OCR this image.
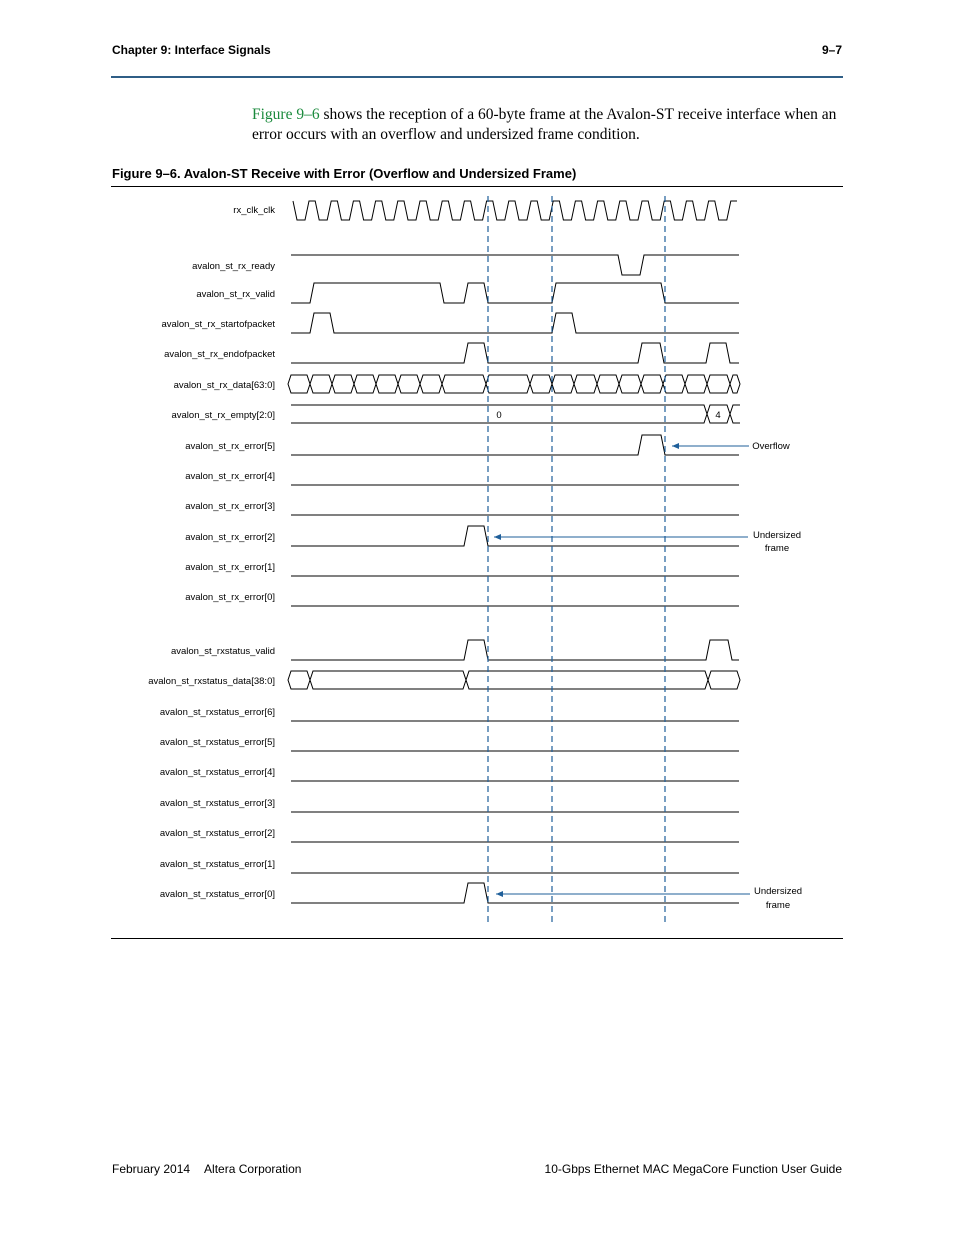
Chapter 9: Interface Signals	9–7
Figure 9–6 shows the reception of a 60-byte frame at the Avalon-ST receive interface when an error occurs with an overflow and undersized frame condition.
Figure 9–6. Avalon-ST Receive with Error (Overflow and Undersized Frame)
rx_clk_clk
avalon_st_rx_ready
avalon_st_rx_valid
avalon_st_rx_startofpacket
avalon_st_rx_endofpacket
avalon_st_rx_data[63:0]
avalon_st_rx_empty[2:0]
avalon_st_rx_error[5]
avalon_st_rx_error[4]
avalon_st_rx_error[3]
avalon_st_rx_error[2]
avalon_st_rx_error[1]
avalon_st_rx_error[0]
avalon_st_rxstatus_valid
avalon_st_rxstatus_data[38:0]
avalon_st_rxstatus_error[6]
avalon_st_rxstatus_error[5]
avalon_st_rxstatus_error[4]
avalon_st_rxstatus_error[3]
avalon_st_rxstatus_error[2]
avalon_st_rxstatus_error[1]
avalon_st_rxstatus_error[0]
0	4
Overflow
Undersized
frame
Undersized
frame
February 2014 Altera Corporation	10-Gbps Ethernet MAC MegaCore Function User Guide
